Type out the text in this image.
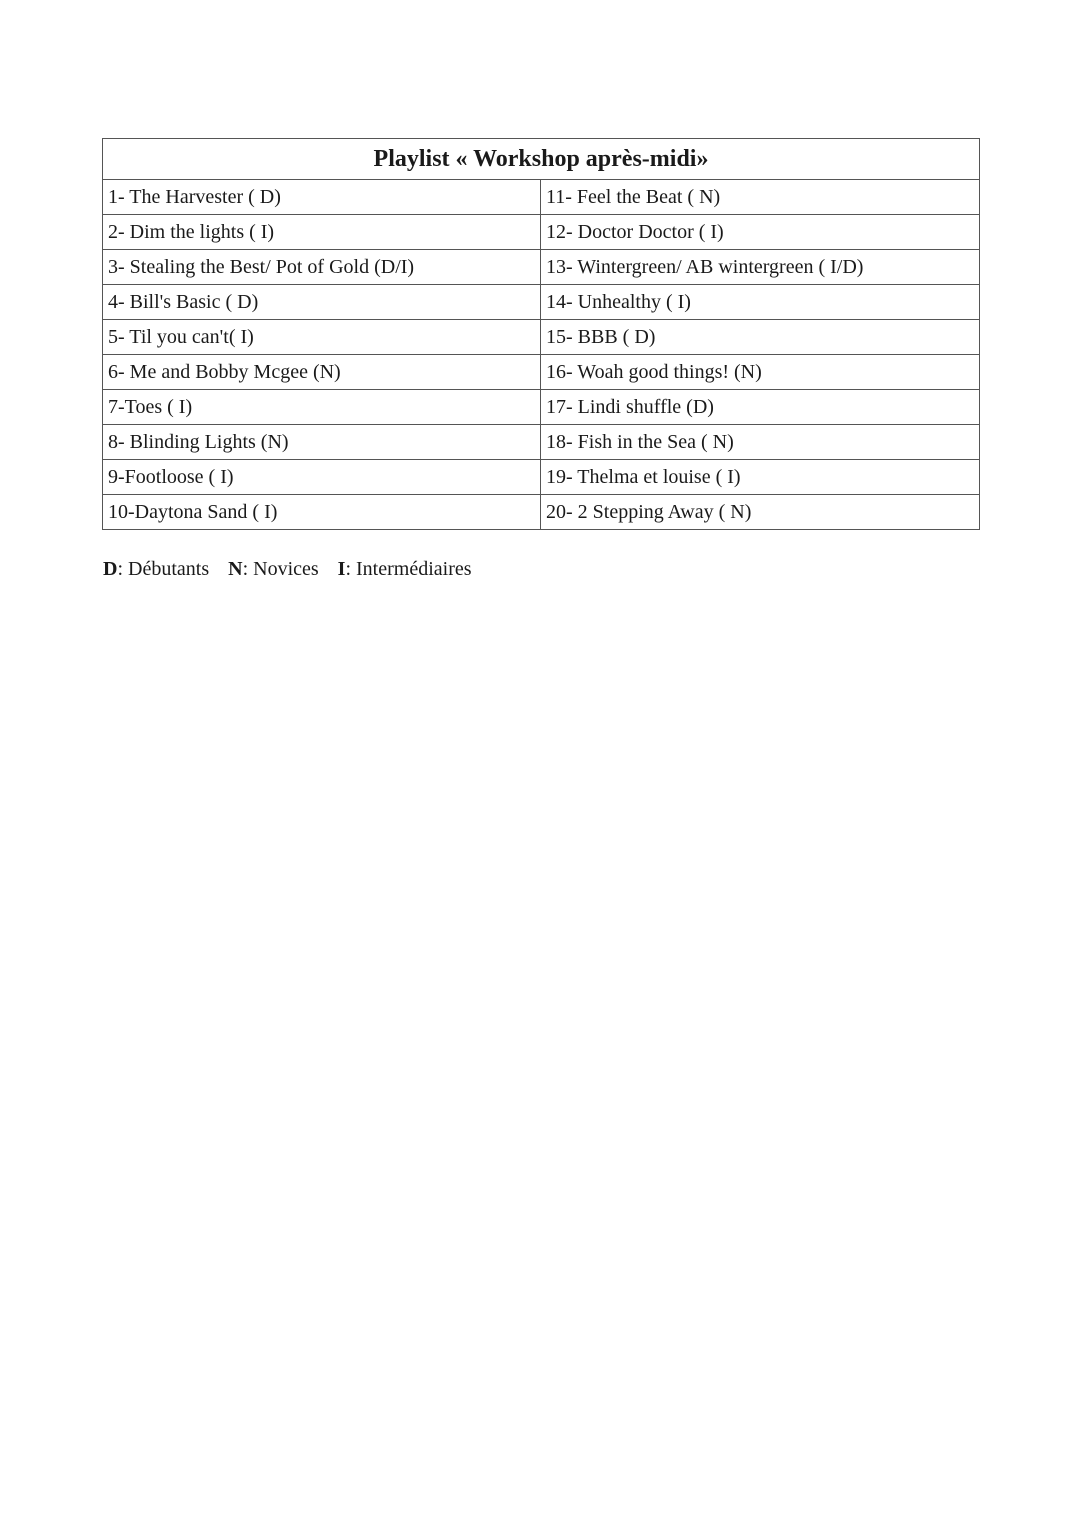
Playlist « Workshop après-midi»	
1- The Harvester ( D)	11- Feel the Beat ( N)
2- Dim the lights ( I)	12- Doctor Doctor ( I)
3- Stealing the Best/ Pot of Gold (D/I)	13- Wintergreen/ AB wintergreen ( I/D)
4- Bill's Basic ( D)	14- Unhealthy ( I)
5- Til you can't( I)	15- BBB ( D)
6- Me and Bobby Mcgee (N)	16- Woah good things! (N)
7-Toes ( I)	17- Lindi shuffle (D)
8- Blinding Lights (N)	18- Fish in the Sea ( N)
9-Footloose ( I)	19- Thelma et louise ( I)
10-Daytona Sand ( I)	20- 2 Stepping Away ( N)
D: Débutants N: Novices I: Intermédiaires
